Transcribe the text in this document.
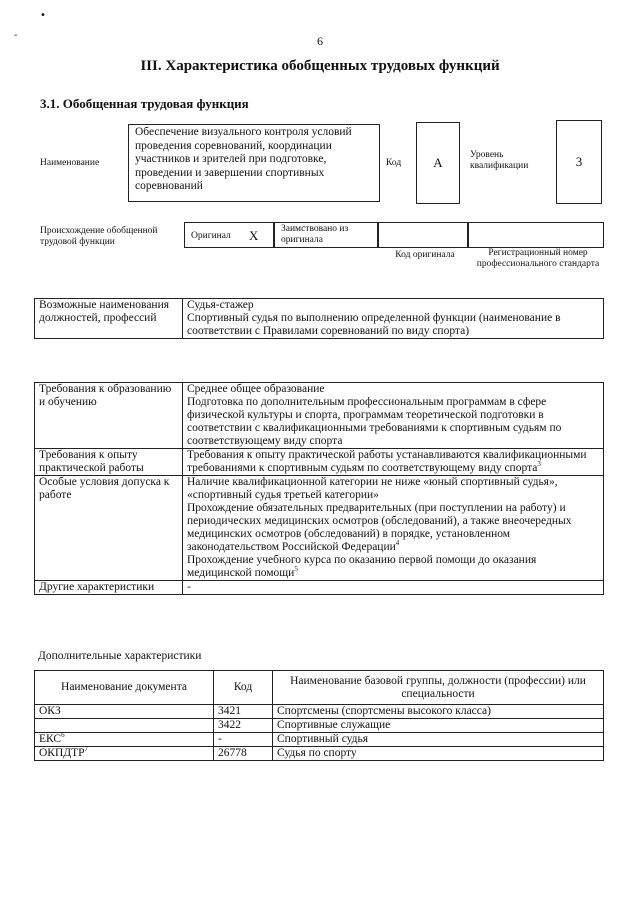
•
-	6
III. Характеристика обобщенных трудовых функций
3.1. Обобщенная трудовая функция
Наименование
Обеспечение визуального контроля условий проведения соревнований, координации участников и зрителей при подготовке, проведении и завершении спортивных соревнований
Код	A	Уровень квалификации	3
Происхождение обобщенной трудовой функции
Оригинал X Заимствовано из оригинала
Код оригинала	Регистрационный номер профессионального стандарта
Возможные наименования должностей, профессий	
Судья-стажер
Спортивный судья по выполнению определенной функции (наименование в соответствии с Правилами соревнований по виду спорта)
Требования к образованию и обучению	Среднее общее образование
Подготовка по дополнительным профессиональным программам в сфере физической культуры и спорта, программам теоретической подготовки в соответствии с квалификационными требованиями к спортивным судьям по соответствующему виду спорта

Требования к опыту практической работы	Требования к опыту практической работы устанавливаются квалификационными требованиями к спортивным судьям по соответствующему виду спорта$^3$

Особые условия допуска к работе	Наличие квалификационной категории не ниже «юный спортивный судья», «спортивный судья третьей категории»
Прохождение обязательных предварительных (при поступлении на работу) и периодических медицинских осмотров (обследований), а также внеочередных медицинских осмотров (обследований) в порядке, установленном законодательством Российской Федерации$^4$
Прохождение учебного курса по оказанию первой помощи до оказания медицинской помощи$^5$

Другие характеристики	-
Дополнительные характеристики
Наименование документа	Код	Наименование базовой группы, должности (профессии) или специальности
ОКЗ	3421	Спортсмены (спортсмены высокого класса)
	3422	Спортивные служащие
ЕКС$^6$	-	Спортивный судья
ОКПДТР$^7$	26778	Судья по спорту
